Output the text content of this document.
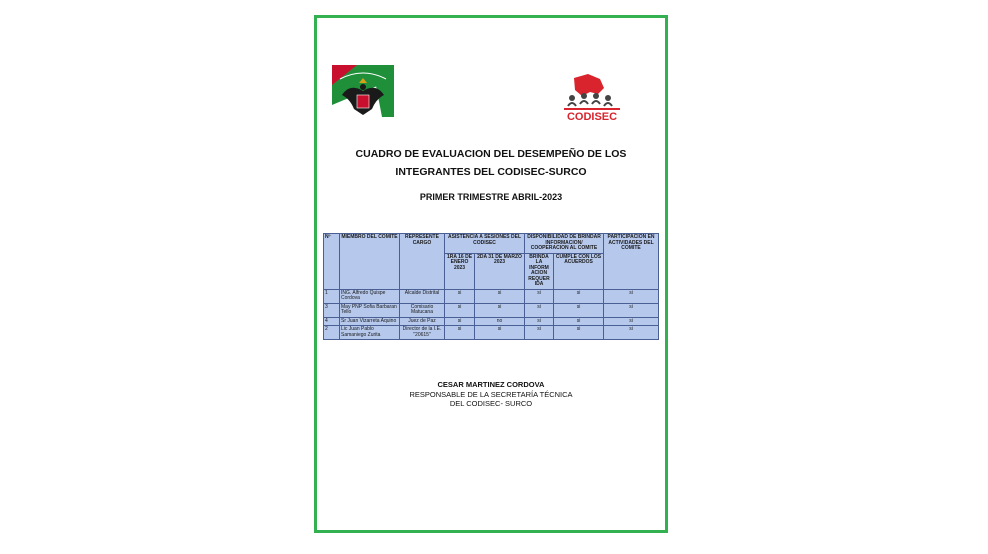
CODISEC
CUADRO DE EVALUACION DEL DESEMPEÑO DE LOS
INTEGRANTES DEL CODISEC-SURCO
PRIMER TRIMESTRE ABRIL-2023
Nº	MIEMBRO DEL COMITE	REPRESENTE CARGO	ASISTENCIA A SESIONES DEL CODISEC		DISPONIBILIDAD DE BRINDAR INFORMACION/ COOPERACION AL COMITE		PARTICIPACION EN ACTIVIDADES DEL COMITE
			1RA 16 DE ENERO 2023	2DA 31 DE MARZO 2023	BRINDA LA INFORM ACION REQUER IDA	CUMPLE CON LOS ACUERDOS	
1	ING. Alfredo Quispe Cordova	Alcalde Distrital	si	si	si	si	si
3	May PNP Sofia Barbaran Tello	Comisario Matucana	si	si	si	si	si
4	Sr Juan Vizarreta Aquino	Juez de Paz	si	no	si	si	si
2	Lic Juan Pablo Samaniego Zurita	Director de la I.E. "20615"	si	si	si	si	si
CESAR MARTINEZ CORDOVA
RESPONSABLE DE LA SECRETARÍA TÉCNICA
DEL CODISEC- SURCO
